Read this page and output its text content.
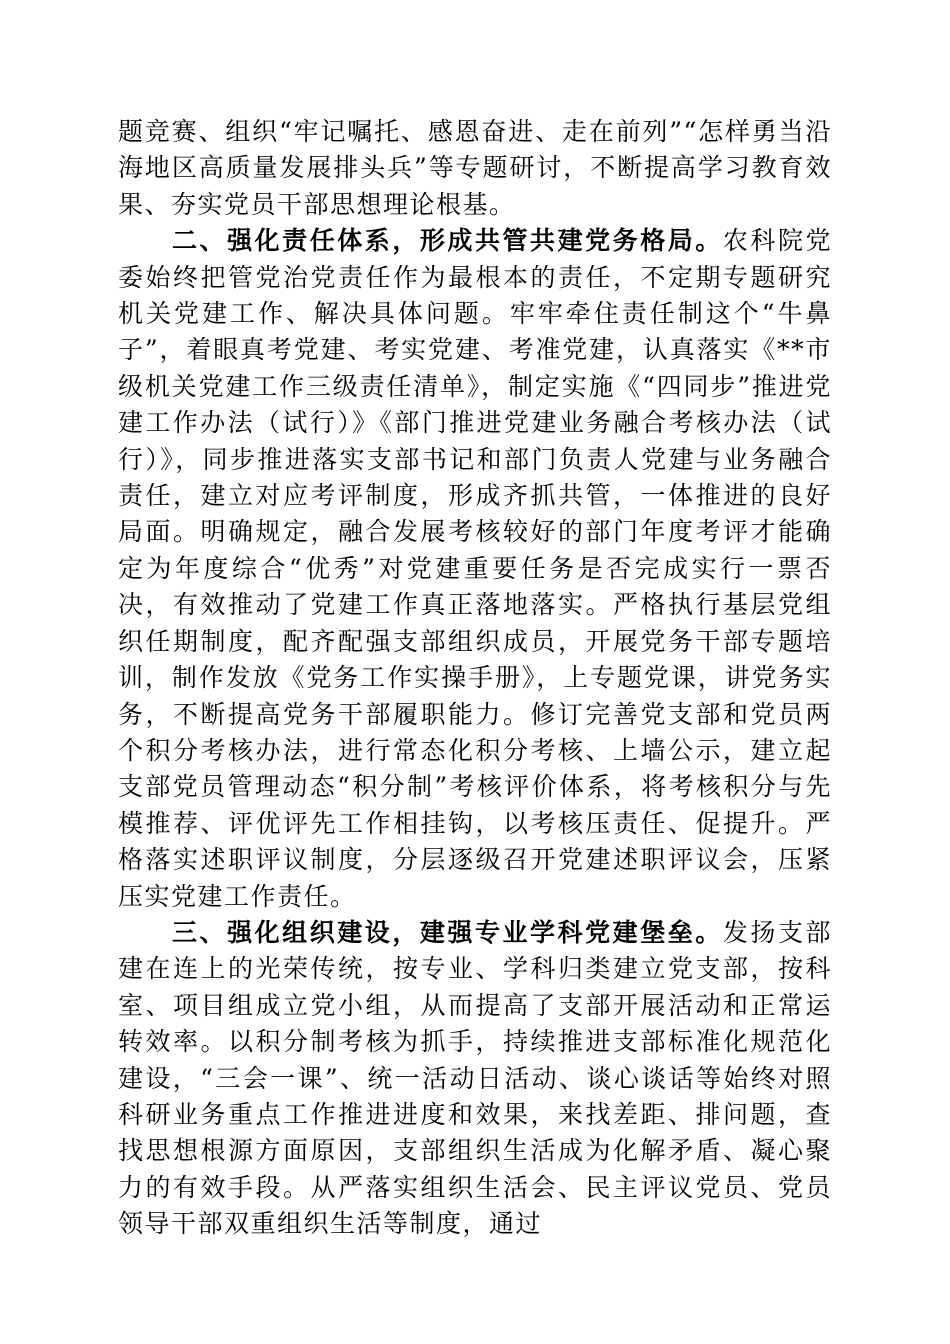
题竞赛、组织“牢记嘱托、感恩奋进、走在前列”“怎样勇当沿海地区高质量发展排头兵”等专题研讨，不断提高学习教育效果、夯实党员干部思想理论根基。

二、强化责任体系，形成共管共建党务格局。农科院党委始终把管党治党责任作为最根本的责任，不定期专题研究机关党建工作、解决具体问题。牢牢牵住责任制这个“牛鼻子”，着眼真考党建、考实党建、考准党建，认真落实《**市级机关党建工作三级责任清单》，制定实施《“四同步”推进党建工作办法（试行）》《部门推进党建业务融合考核办法（试行）》，同步推进落实支部书记和部门负责人党建与业务融合责任，建立对应考评制度，形成齐抓共管，一体推进的良好局面。明确规定，融合发展考核较好的部门年度考评才能确定为年度综合“优秀”对党建重要任务是否完成实行一票否决，有效推动了党建工作真正落地落实。严格执行基层党组织任期制度，配齐配强支部组织成员，开展党务干部专题培训，制作发放《党务工作实操手册》，上专题党课，讲党务实务，不断提高党务干部履职能力。修订完善党支部和党员两个积分考核办法，进行常态化积分考核、上墙公示，建立起支部党员管理动态“积分制”考核评价体系，将考核积分与先模推荐、评优评先工作相挂钩，以考核压责任、促提升。严格落实述职评议制度，分层逐级召开党建述职评议会，压紧压实党建工作责任。

三、强化组织建设，建强专业学科党建堡垒。发扬支部建在连上的光荣传统，按专业、学科归类建立党支部，按科室、项目组成立党小组，从而提高了支部开展活动和正常运转效率。以积分制考核为抓手，持续推进支部标准化规范化建设，“三会一课”、统一活动日活动、谈心谈话等始终对照科研业务重点工作推进进度和效果，来找差距、排问题，查找思想根源方面原因，支部组织生活成为化解矛盾、凝心聚力的有效手段。从严落实组织生活会、民主评议党员、党员领导干部双重组织生活等制度，通过
